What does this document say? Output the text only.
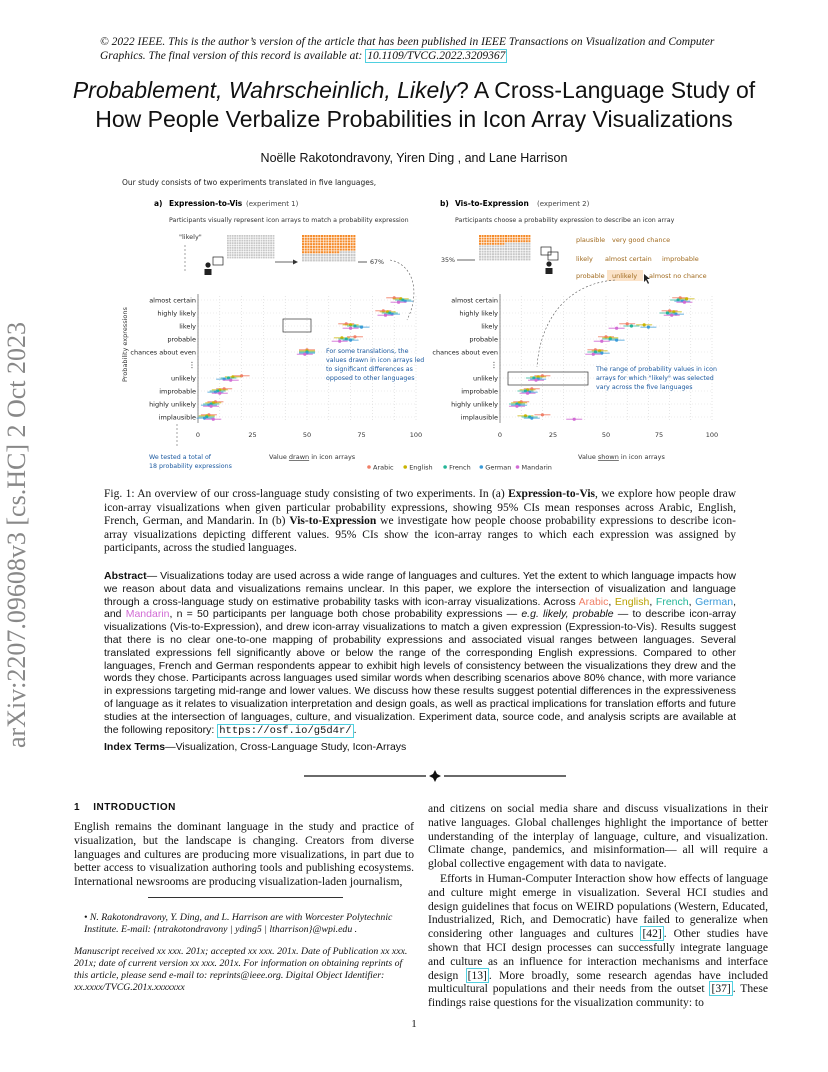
© 2022 IEEE. This is the author’s version of the article that has been published in IEEE Transactions on Visualization and Computer Graphics. The final version of this record is available at: 10.1109/TVCG.2022.3209367
Probablement, Wahrscheinlich, Likely? A Cross-Language Study of
How People Verbalize Probabilities in Icon Array Visualizations
Noëlle Rakotondravony, Yiren Ding , and Lane Harrison
arXiv:2207.09608v3 [cs.HC] 2 Oct 2023
Our study consists of two experiments translated in five languages,
a) Expression-to-Vis (experiment 1)
Participants visually represent icon arrays to match a probability expression
"likely"
67%
b) Vis-to-Expression (experiment 2)
Participants choose a probability expression to describe an icon array
35%
plausible very good chance
likely almost certain improbable
probable unlikely almost no chance
Probability expressions
almost certain
highly likely
likely
probable
chances about even
⋮
unlikely
improbable
highly unlikely
implausible
0	25	50	75	100
almost certain
highly likely
likely
probable
chances about even
⋮
unlikely
improbable
highly unlikely
implausible
0	25	50	75	100
For some translations, the
values drawn in icon arrays led
to significant differences as
opposed to other languages
The range of probability values in icon
arrays for which "likely" was selected
vary across the five languages
We tested a total of
18 probability expressions
Value drawn in icon arrays	Value shown in icon arrays
Arabic English	French German Mandarin
Fig. 1: An overview of our cross-language study consisting of two experiments. In (a) Expression-to-Vis, we explore how people draw icon-array visualizations when given particular probability expressions, showing 95% CIs mean responses across Arabic, English, French, German, and Mandarin. In (b) Vis-to-Expression we investigate how people choose probability expressions to describe icon-array visualizations depicting different values. 95% CIs show the icon-array ranges to which each expression was assigned by participants, across the studied languages.
Abstract— Visualizations today are used across a wide range of languages and cultures. Yet the extent to which language impacts how we reason about data and visualizations remains unclear. In this paper, we explore the intersection of visualization and language through a cross-language study on estimative probability tasks with icon-array visualizations. Across Arabic, English, French, German, and Mandarin, n = 50 participants per language both chose probability expressions — e.g. likely, probable — to describe icon-array visualizations (Vis-to-Expression), and drew icon-array visualizations to match a given expression (Expression-to-Vis). Results suggest that there is no clear one-to-one mapping of probability expressions and associated visual ranges between languages. Several translated expressions fell significantly above or below the range of the corresponding English expressions. Compared to other languages, French and German respondents appear to exhibit high levels of consistency between the visualizations they drew and the words they chose. Participants across languages used similar words when describing scenarios above 80% chance, with more variance in expressions targeting mid-range and lower values. We discuss how these results suggest potential differences in the expressiveness of language as it relates to visualization interpretation and design goals, as well as practical implications for translation efforts and future studies at the intersection of languages, culture, and visualization. Experiment data, source code, and analysis scripts are available at the following repository: https://osf.io/g5d4r/ .
Index Terms—Visualization, Cross-Language Study, Icon-Arrays
1 INTRODUCTION
English remains the dominant language in the study and practice of visualization, but the landscape is changing. Creators from diverse languages and cultures are producing more visualizations, in part due to better access to visualization authoring tools and publishing ecosystems. International newsrooms are producing visualization-laden journalism,
• N. Rakotondravony, Y. Ding, and L. Harrison are with Worcester Polytechnic Institute. E-mail: {ntrakotondravony | yding5 | ltharrison}@wpi.edu .
Manuscript received xx xxx. 201x; accepted xx xxx. 201x. Date of Publication xx xxx. 201x; date of current version xx xxx. 201x. For information on obtaining reprints of this article, please send e-mail to: reprints@ieee.org. Digital Object Identifier: xx.xxxx/TVCG.201x.xxxxxxx
and citizens on social media share and discuss visualizations in their native languages. Global challenges highlight the importance of better understanding of the interplay of language, culture, and visualization. Climate change, pandemics, and misinformation— all will require a global collective engagement with data to navigate.
Efforts in Human-Computer Interaction show how effects of language and culture might emerge in visualization. Several HCI studies and design guidelines that focus on WEIRD populations (Western, Educated, Industrialized, Rich, and Democratic) have failed to generalize when considering other languages and cultures [42] . Other studies have shown that HCI design processes can successfully integrate language and culture as an influence for interaction mechanisms and interface design [13] . More broadly, some research agendas have included multicultural populations and their needs from the outset [37] . These findings raise questions for the visualization community: to
1
